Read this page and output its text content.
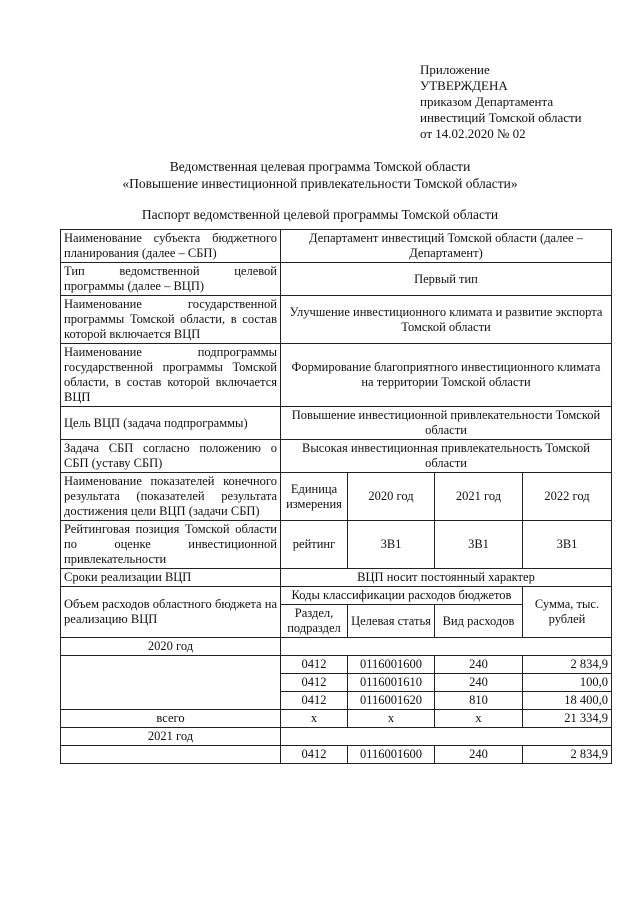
Приложение
УТВЕРЖДЕНА
приказом Департамента
инвестиций Томской области
от 14.02.2020 № 02
Ведомственная целевая программа Томской области
«Повышение инвестиционной привлекательности Томской области»
Паспорт ведомственной целевой программы Томской области
Наименование субъекта бюджетного планирования (далее – СБП)	Департамент инвестиций Томской области (далее – Департамент)			
Тип ведомственной целевой программы (далее – ВЦП)	Первый тип			
Наименование государственной программы Томской области, в состав которой включается ВЦП	Улучшение инвестиционного климата и развитие экспорта Томской области			
Наименование подпрограммы государственной программы Томской области, в состав которой включается ВЦП	Формирование благоприятного инвестиционного климата на территории Томской области			
Цель ВЦП (задача подпрограммы)	Повышение инвестиционной привлекательности Томской области			
Задача СБП согласно положению о СБП (уставу СБП)	Высокая инвестиционная привлекательность Томской области			
Наименование показателей конечного результата (показателей результата достижения цели ВЦП (задачи СБП)	Единица измерения	2020 год	2021 год	2022 год
Рейтинговая позиция Томской области по оценке инвестиционной привлекательности	рейтинг	3B1	3B1	3B1
Сроки реализации ВЦП	ВЦП носит постоянный характер			
Объем расходов областного бюджета на реализацию ВЦП	Коды классификации расходов бюджетов			Сумма, тыс. рублей
	Раздел, подраздел	Целевая статья	Вид расходов	
2020 год				
	0412	0116001600	240	2 834,9
	0412	0116001610	240	100,0
	0412	0116001620	810	18 400,0
всего	x	x	x	21 334,9
2021 год				
	0412	0116001600	240	2 834,9
